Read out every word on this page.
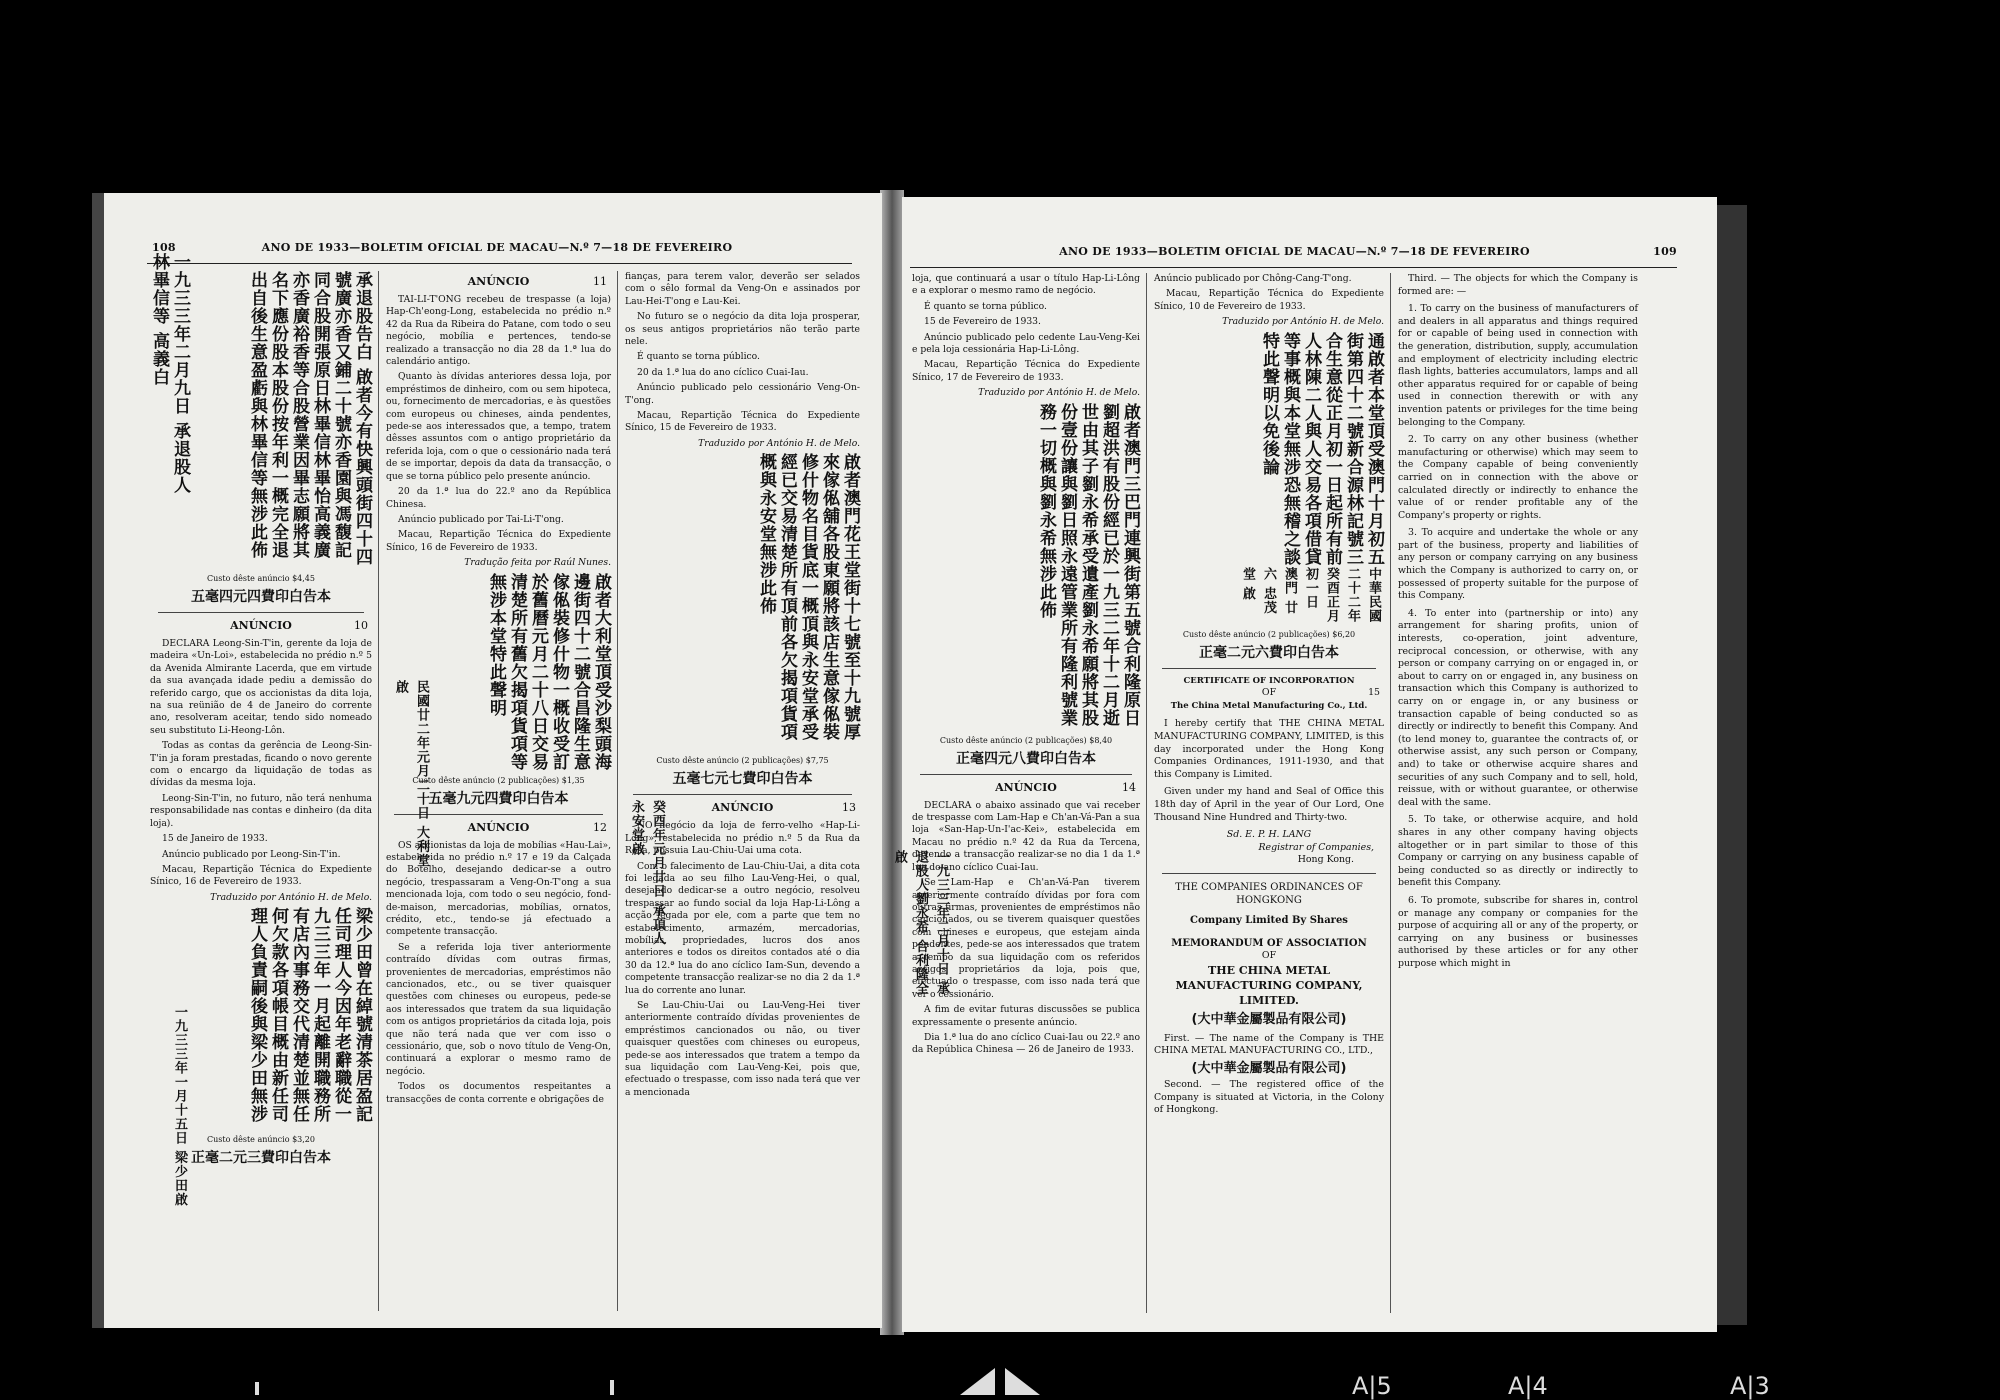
108	ANO DE 1933—BOLETIM OFICIAL DE MACAU—N.º 7—18 DE FEVEREIRO
承退股告白 啟者今有快興頭街四十四號廣亦香又鋪二十號亦香園與馮馥記同合股開張原日林畢信林畢怡高義廣亦香廣裕香等合股營業因畢志願將其名下應份股本股份按年利一概完全退出自後生意盈虧與林畢信等無涉此佈
Custo dêste anúncio $4,45
五毫四元四費印白告本
ANÚNCIO	10

DECLARA Leong-Sin-T'in, gerente da loja de madeira «Un-Loi», estabelecida no prédio n.º 5 da Avenida Almirante Lacerda, que em virtude da sua avançada idade pediu a demissão do referido cargo, que os accionistas da dita loja, na sua reünião de 4 de Janeiro do corrente ano, resolveram aceitar, tendo sido nomeado seu substituto Li-Heong-Lôn.

Todas as contas da gerência de Leong-Sin-T'in ja foram prestadas, ficando o novo gerente com o encargo da liquidação de todas as dívidas da mesma loja.

Leong-Sin-T'in, no futuro, não terá nenhuma responsabilidade nas contas e dinheiro (da dita loja).

15 de Janeiro de 1933.

Anúncio publicado por Leong-Sin-T'in.

Macau, Repartição Técnica do Expediente Sínico, 16 de Fevereiro de 1933.

Traduzido por António H. de Melo.

梁少田曾在綽號清茶居盈記任司理人今因年老辭職從一九三三年一月起離開職務所有店內事務交代清楚並無任何欠款各項帳目概由新任司理人負責嗣後與梁少田無涉
Custo dêste anúncio $3,20
正毫二元三費印白告本
ANÚNCIO	11

TAI-LI-T'ONG recebeu de trespasse (a loja) Hap-Ch'eong-Long, estabelecida no prédio n.º 42 da Rua da Ribeira do Patane, com todo o seu negócio, mobília e pertences, tendo-se realizado a transacção no dia 28 da 1.ª lua do calendário antigo.

Quanto às dívidas anteriores dessa loja, por empréstimos de dinheiro, com ou sem hipoteca, ou, fornecimento de mercadorias, e às questões com europeus ou chineses, ainda pendentes, pede-se aos interessados que, a tempo, tratem dêsses assuntos com o antigo proprietário da referida loja, com o que o cessionário nada terá de se importar, depois da data da transacção, o que se torna público pelo presente anúncio.

20 da 1.ª lua do 22.º ano da República Chinesa.

Anúncio publicado por Tai-Li-T'ong.

Macau, Repartição Técnica do Expediente Sínico, 16 de Fevereiro de 1933.

Tradução feita por Raúl Nunes.

啟者大利堂頂受沙梨頭海邊街四十二號合昌隆生意傢俬裝修什物一概收受訂於舊曆元月二十八日交易清楚所有舊欠揭項貨項等無涉本堂特此聲明
Custo dêste anúncio (2 publicações) $1,35
五毫九元四費印白告本
ANÚNCIO	12

OS accionistas da loja de mobílias «Hau-Lai», estabelecida no prédio n.º 17 e 19 da Calçada do Botelho, desejando dedicar-se a outro negócio, trespassaram a Veng-On-T'ong a sua mencionada loja, com todo o seu negócio, fond-de-maison, mercadorias, mobílias, ornatos, crédito, etc., tendo-se já efectuado a competente transacção.

Se a referida loja tiver anteriormente contraído dívidas com outras firmas, provenientes de mercadorias, empréstimos não cancionados, etc., ou se tiver quaisquer questões com chineses ou europeus, pede-se aos interessados que tratem da sua liquidação com os antigos proprietários da citada loja, pois que não terá nada que ver com isso o cessionário, que, sob o novo título de Veng-On, continuará a explorar o mesmo ramo de negócio.

Todos os documentos respeitantes a transacções de conta corrente e obrigações de

fianças, para terem valor, deverão ser selados com o sêlo formal da Veng-On e assinados por Lau-Hei-T'ong e Lau-Kei.

No futuro se o negócio da dita loja prosperar, os seus antigos proprietários não terão parte nele.

É quanto se torna público.

20 da 1.ª lua do ano cíclico Cuai-Iau.

Anúncio publicado pelo cessionário Veng-On-T'ong.

Macau, Repartição Técnica do Expediente Sínico, 15 de Fevereiro de 1933.

Traduzido por António H. de Melo.

啟者澳門花王堂街十七號至十九號厚來傢俬舖各股東願將該店生意傢俬裝修什物名目貨底一概頂與永安堂承受經已交易清楚所有頂前各欠揭項貨項概與永安堂無涉此佈
Custo dêste anúncio (2 publicações) $7,75
五毫七元七費印白告本
ANÚNCIO	13

NO negócio da loja de ferro-velho «Hap-Li-Lông», estabelecida no prédio n.º 5 da Rua da Rosa, possuia Lau-Chiu-Uai uma cota.

Com o falecimento de Lau-Chiu-Uai, a dita cota foi legada ao seu filho Lau-Veng-Hei, o qual, desejando dedicar-se a outro negócio, resolveu trespassar ao fundo social da loja Hap-Li-Lông a acção legada por ele, com a parte que tem no estabelecimento, armazém, mercadorias, mobílias, propriedades, lucros dos anos anteriores e todos os direitos contados até o dia 30 da 12.ª lua do ano cíclico Iam-Sun, devendo a competente transacção realizar-se no dia 2 da 1.ª lua do corrente ano lunar.

Se Lau-Chiu-Uai ou Lau-Veng-Hei tiver anteriormente contraído dívidas provenientes de empréstimos cancionados ou não, ou tiver quaisquer questões com chineses ou europeus, pede-se aos interessados que tratem a tempo da sua liquidação com Lau-Veng-Kei, pois que, efectuado o trespasse, com isso nada terá que ver a mencionada

ANO DE 1933—BOLETIM OFICIAL DE MACAU—N.º 7—18 DE FEVEREIRO	109

loja, que continuará a usar o título Hap-Li-Lông e a explorar o mesmo ramo de negócio.

É quanto se torna público.

15 de Fevereiro de 1933.

Anúncio publicado pelo cedente Lau-Veng-Kei e pela loja cessionária Hap-Li-Lông.

Macau, Repartição Técnica do Expediente Sínico, 17 de Fevereiro de 1933.

Traduzido por António H. de Melo.

啟者澳門三巴門連興街第五號合利隆原日劉超洪有股份經已於一九三二年十二月逝世由其子劉永希承受遺產劉永希願將其股份壹份讓與劉日照永遠管業所有隆利號業務一切概與劉永希無涉此佈
Custo dêste anúncio (2 publicações) $8,40
正毫四元八費印白告本
ANÚNCIO	14

DECLARA o abaixo assinado que vai receber de trespasse com Lam-Hap e Ch'an-Vá-Pan a sua loja «San-Hap-Un-I'ac-Kei», estabelecida em Macau no prédio n.º 42 da Rua da Tercena, devendo a transacção realizar-se no dia 1 da 1.ª lua do ano cíclico Cuai-Iau.

Se Lam-Hap e Ch'an-Vá-Pan tiverem anteriormente contraído dívidas por fora com outras firmas, provenientes de empréstimos não cancionados, ou se tiverem quaisquer questões com chineses e europeus, que estejam ainda pendentes, pede-se aos interessados que tratem a tempo da sua liquidação com os referidos antigos proprietários da loja, pois que, efectuado o trespasse, com isso nada terá que ver o cessionário.

A fim de evitar futuras discussões se publica expressamente o presente anúncio.

Dia 1.ª lua do ano cíclico Cuai-Iau ou 22.º ano da República Chinesa — 26 de Janeiro de 1933.

Anúncio publicado por Chông-Cang-T'ong.

Macau, Repartição Técnica do Expediente Sínico, 10 de Fevereiro de 1933.

Traduzido por António H. de Melo.

通啟者本堂頂受澳門十月初五街第四十二號新合源林記號三合生意從正月初一日起所有前人林陳二人與人交易各項借貸等事概與本堂無涉恐無稽之談特此聲明以免後論
中華民國二十二年癸酉正月初一日 澳門 廿六 忠茂堂 啟
Custo dêste anúncio (2 publicações) $6,20
正毫二元六費印白告本
CERTIFICATE OF INCORPORATION
OF	15
The China Metal Manufacturing Co., Ltd.

I hereby certify that THE CHINA METAL MANUFACTURING COMPANY, LIMITED, is this day incorporated under the Hong Kong Companies Ordinances, 1911-1930, and that this Company is Limited.

Given under my hand and Seal of Office this 18th day of April in the year of Our Lord, One Thousand Nine Hundred and Thirty-two.

Sd. E. P. H. LANG
Registrar of Companies,
Hong Kong.
THE COMPANIES ORDINANCES OF HONGKONG
Company Limited By Shares
MEMORANDUM OF ASSOCIATION
OF
THE CHINA METAL MANUFACTURING COMPANY, LIMITED.
(大中華金屬製品有限公司)

First. — The name of the Company is THE CHINA METAL MANUFACTURING CO., LTD.,

(大中華金屬製品有限公司)

Second. — The registered office of the Company is situated at Victoria, in the Colony of Hongkong.

Third. — The objects for which the Company is formed are: —

1. To carry on the business of manufacturers of and dealers in all apparatus and things required for or capable of being used in connection with the generation, distribution, supply, accumulation and employment of electricity including electric flash lights, batteries accumulators, lamps and all other apparatus required for or capable of being used in connection therewith or with any invention patents or privileges for the time being belonging to the Company.

2. To carry on any other business (whether manufacturing or otherwise) which may seem to the Company capable of being conveniently carried on in connection with the above or calculated directly or indirectly to enhance the value of or render profitable any of the Company's property or rights.

3. To acquire and undertake the whole or any part of the business, property and liabilities of any person or company carrying on any business which the Company is authorized to carry on, or possessed of property suitable for the purpose of this Company.

4. To enter into (partnership or into) any arrangement for sharing profits, union of interests, co-operation, joint adventure, reciprocal concession, or otherwise, with any person or company carrying on or engaged in, or about to carry on or engaged in, any business on transaction which this Company is authorized to carry on or engage in, or any business or transaction capable of being conducted so as directly or indirectly to benefit this Company. And (to lend money to, guarantee the contracts of, or otherwise assist, any such person or Company, and) to take or otherwise acquire shares and securities of any such Company and to sell, hold, reissue, with or without guarantee, or otherwise deal with the same.

5. To take, or otherwise acquire, and hold shares in any other company having objects altogether or in part similar to those of this Company or carrying on any business capable of being conducted so as directly or indirectly to benefit this Company.

6. To promote, subscribe for shares in, control or manage any company or companies for the purpose of acquiring all or any of the property, or carrying on any business or businesses authorised by these articles or for any other purpose which might in

A|5	A|4	A|3
一九三三年二月九日 承退股人林畢信等 高義白
一九三三年一月十五日 梁少田啟
民國廿二年元月二十日 大利堂啟
癸酉年元月廿日 承頂人永安堂啟
一九三三年二月十日 承退股人劉永希 合利隆全啟
